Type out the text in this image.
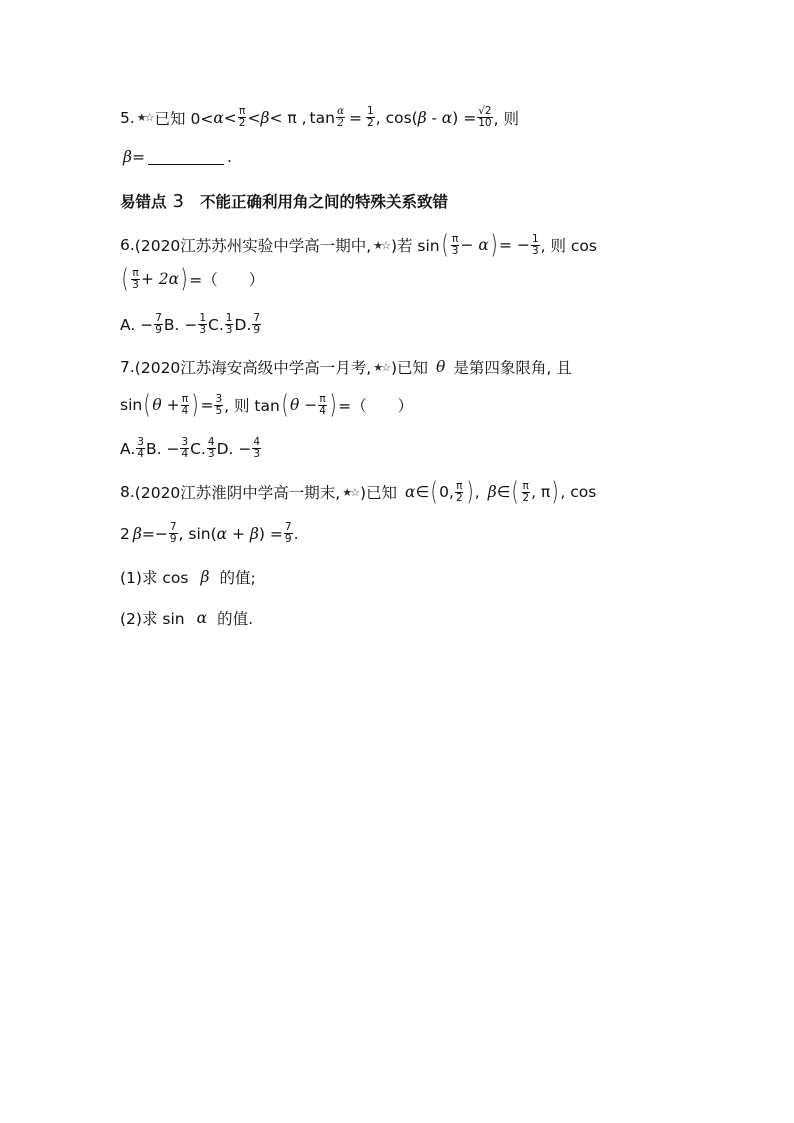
5. ★☆ 已知 $0< \alpha < \frac{\pi}{2} < \beta < \pi$ , $\tan \frac{\alpha}{2} = \frac{1}{2}$ , cos( β - α ) = $\frac{√2}{10}$ , 则
β =	.
易错点 3 不能正确利用角之间的特殊关系致错
6. (2020江苏苏州实验中学高一期中, ★☆ )若 sin ( $\frac{\pi}{3} - \alpha$ ) = − $\frac{1}{3}$ , 则 cos
( $\frac{\pi}{3} + 2\alpha$ ) =（　　）
A. − $\frac{7}{9} B$. − $\frac{1}{3} C$. $\frac{1}{3} D$. $\frac{7}{9}$
7. (2020江苏海安高级中学高一月考, ★☆ )已知 θ 是第四象限角, 且
sin ( $\theta + \frac{\pi}{4}$ ) = $\frac{3}{5}$ , 则 tan ( $\theta - \frac{\pi}{4}$ ) =（　　）
A. $\frac{3}{4} B$. − $\frac{3}{4} C$. $\frac{4}{3} D$. − $\frac{4}{3}$
8. (2020江苏淮阴中学高一期末, ★☆ )已知 α ∈ ( 0, $\frac{\pi}{2}$ ) , β ∈ ( $\frac{\pi}{2}$ , π ) , cos
2 $\beta =- \frac{7}{9}$ , sin( α + β ) = $\frac{7}{9}$ .
(1)求 cos β 的值;
(2)求 sin α 的值.
